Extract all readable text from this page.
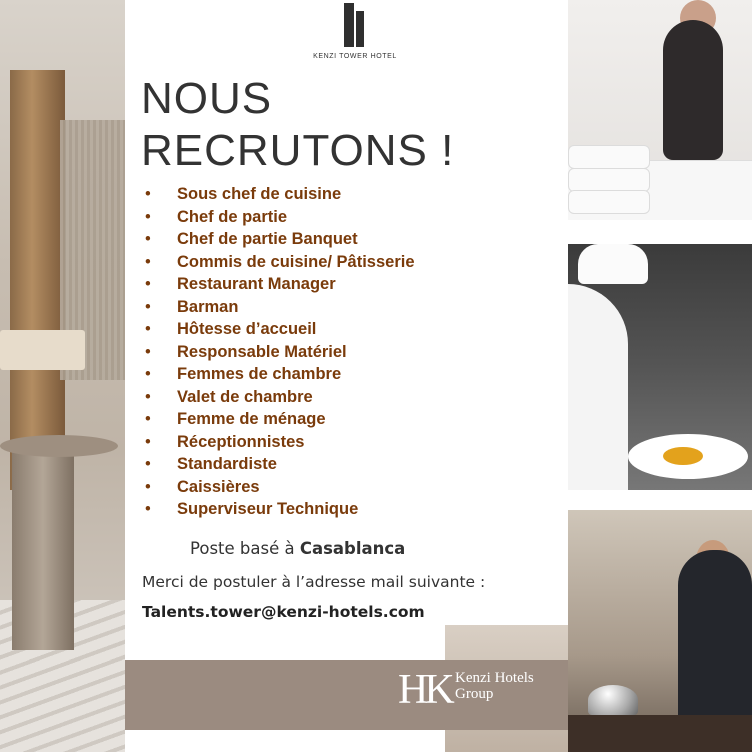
KENZI TOWER HOTEL
NOUS
RECRUTONS !
• Sous chef de cuisine
• Chef de partie
• Chef de partie Banquet
• Commis de cuisine/ Pâtisserie
• Restaurant Manager
• Barman
• Hôtesse d’accueil
• Responsable Matériel
• Femmes de chambre
• Valet de chambre
• Femme de ménage
• Réceptionnistes
• Standardiste
• Caissières
• Superviseur Technique
Poste basé à Casablanca
Merci de postuler à l’adresse mail suivante :
Talents.tower@kenzi-hotels.com
HK Kenzi Hotels
Group
